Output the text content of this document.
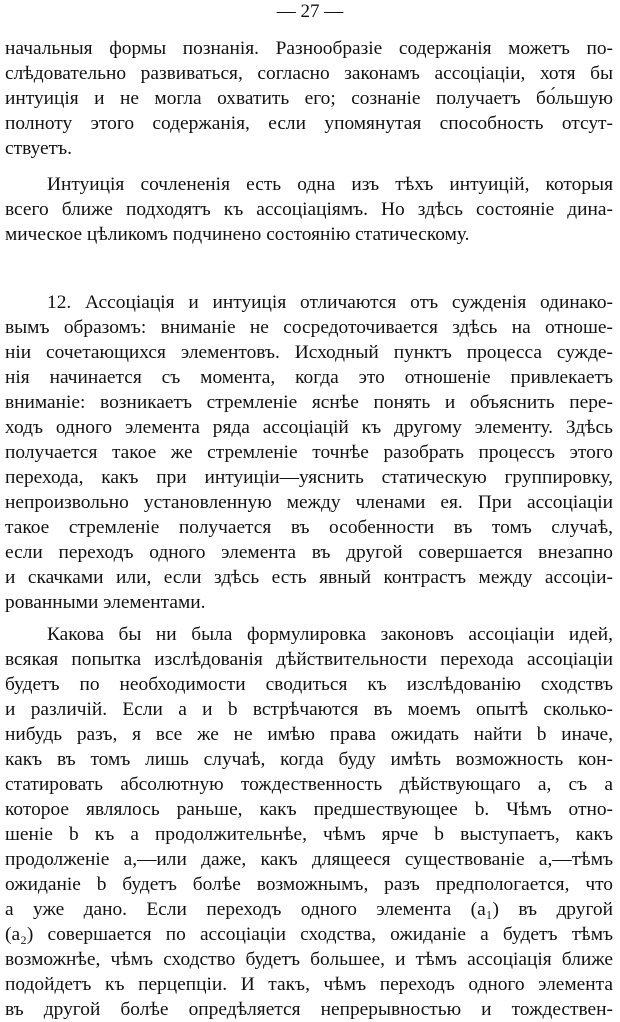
— 27 —
начальныя формы познанія. Разнообразіе содержанія можетъ по-
слѣдовательно развиваться, согласно законамъ ассоціаціи, хотя бы
интуиція и не могла охватить его; сознаніе получаетъ бо́льшую
полноту этого содержанія, если упомянутая способность отсут-
ствуетъ.
Интуиція сочлененія есть одна изъ тѣхъ интуицій, которыя
всего ближе подходятъ къ ассоціаціямъ. Но здѣсь состояніе дина-
мическое цѣликомъ подчинено состоянію статическому.
12. Ассоціація и интуиція отличаются отъ сужденія одинако-
вымъ образомъ: вниманіе не сосредоточивается здѣсь на отноше-
ніи сочетающихся элементовъ. Исходный пунктъ процесса сужде-
нія начинается съ момента, когда это отношеніе привлекаетъ
вниманіе: возникаетъ стремленіе яснѣе понять и объяснить пере-
ходъ одного элемента ряда ассоціацій къ другому элементу. Здѣсь
получается такое же стремленіе точнѣе разобрать процессъ этого
перехода, какъ при интуиціи—уяснить статическую группировку,
непроизвольно установленную между членами ея. При ассоціаціи
такое стремленіе получается въ особенности въ томъ случаѣ,
если переходъ одного элемента въ другой совершается внезапно
и скачками или, если здѣсь есть явный контрастъ между ассоціи-
рованными элементами.
Какова бы ни была формулировка законовъ ассоціаціи идей,
всякая попытка изслѣдованія дѣйствительности перехода ассоціаціи
будетъ по необходимости сводиться къ изслѣдованію сходствъ
и различій. Если a и b встрѣчаются въ моемъ опытѣ сколько-
нибудь разъ, я все же не имѣю права ожидать найти b иначе,
какъ въ томъ лишь случаѣ, когда буду имѣть возможность кон-
статировать абсолютную тождественность дѣйствующаго a, съ a
которое являлось раньше, какъ предшествующее b. Чѣмъ отно-
шеніе b къ a продолжительнѣе, чѣмъ ярче b выступаетъ, какъ
продолженіе a,—или даже, какъ длящееся существованіе a,—тѣмъ
ожиданіе b будетъ болѣе возможнымъ, разъ предпологается, что
a уже дано. Если переходъ одного элемента (a₁) въ другой
(a₂) совершается по ассоціаціи сходства, ожиданіе a будетъ тѣмъ
возможнѣе, чѣмъ сходство будетъ большее, и тѣмъ ассоціація ближе
подойдетъ къ перцепціи. И такъ, чѣмъ переходъ одного элемента
въ другой болѣе опредѣляется непрерывностью и тождествен-
